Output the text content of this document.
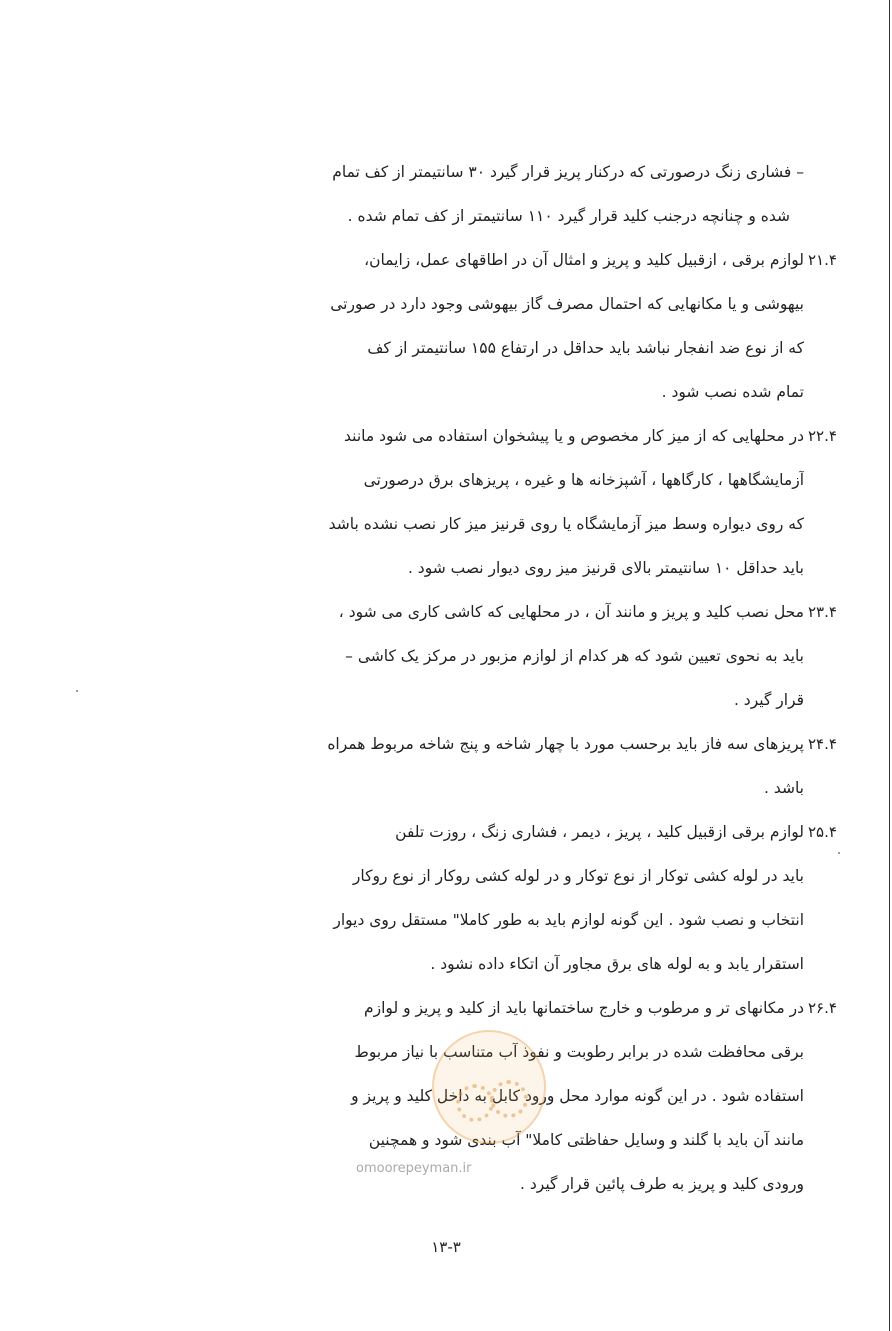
– فشاری زنگ درصورتی که درکنار پریز قرار گیرد ۳۰ سانتیمتر از کف تمام
شده و چنانچه درجنب کلید قرار گیرد ۱۱۰ سانتیمتر از کف تمام شده .
۲۱.۴
لوازم برقی ، ازقبیل کلید و پریز و امثال آن در اطاقهای عمل، زایمان،
بیهوشی و یا مکانهایی که احتمال مصرف گاز بیهوشی وجود دارد در صورتی
که از نوع ضد انفجار نباشد باید حداقل در ارتفاع ۱۵۵ سانتیمتر از کف
تمام شده نصب شود .
۲۲.۴
در محلهایی که از میز کار مخصوص و یا پیشخوان استفاده می شود مانند
آزمایشگاهها ، کارگاهها ، آشپزخانه ها و غیره ، پریزهای برق درصورتی
که روی دیواره وسط میز آزمایشگاه یا روی قرنیز میز کار نصب نشده باشد
باید حداقل ۱۰ سانتیمتر بالای قرنیز میز روی دیوار نصب شود .
۲۳.۴
محل نصب کلید و پریز و مانند آن ، در محلهایی که کاشی کاری می شود ،
باید به نحوی تعیین شود که هر کدام از لوازم مزبور در مرکز یک کاشی –
قرار گیرد .
۲۴.۴
پریزهای سه فاز باید برحسب مورد با چهار شاخه و پنج شاخه مربوط همراه
باشد .
۲۵.۴
لوازم برقی ازقبیل کلید ، پریز ، دیمر ، فشاری زنگ ، روزت تلفن
باید در لوله کشی توکار از نوع توکار و در لوله کشی روکار از نوع روکار
انتخاب و نصب شود . این گونه لوازم باید به طور کاملا" مستقل روی دیوار
استقرار یابد و به لوله های برق مجاور آن اتکاء داده نشود .
۲۶.۴
در مکانهای تر و مرطوب و خارج ساختمانها باید از کلید و پریز و لوازم
برقی محافظت شده در برابر رطوبت و نفوذ آب متناسب با نیاز مربوط
استفاده شود . در این گونه موارد محل ورود کابل به داخل کلید و پریز و
مانند آن باید با گلند و وسایل حفاظتی کاملا" آب بندی شود و همچنین
ورودی کلید و پریز به طرف پائین قرار گیرد .
omoorepeyman.ir
۱۳-۳
